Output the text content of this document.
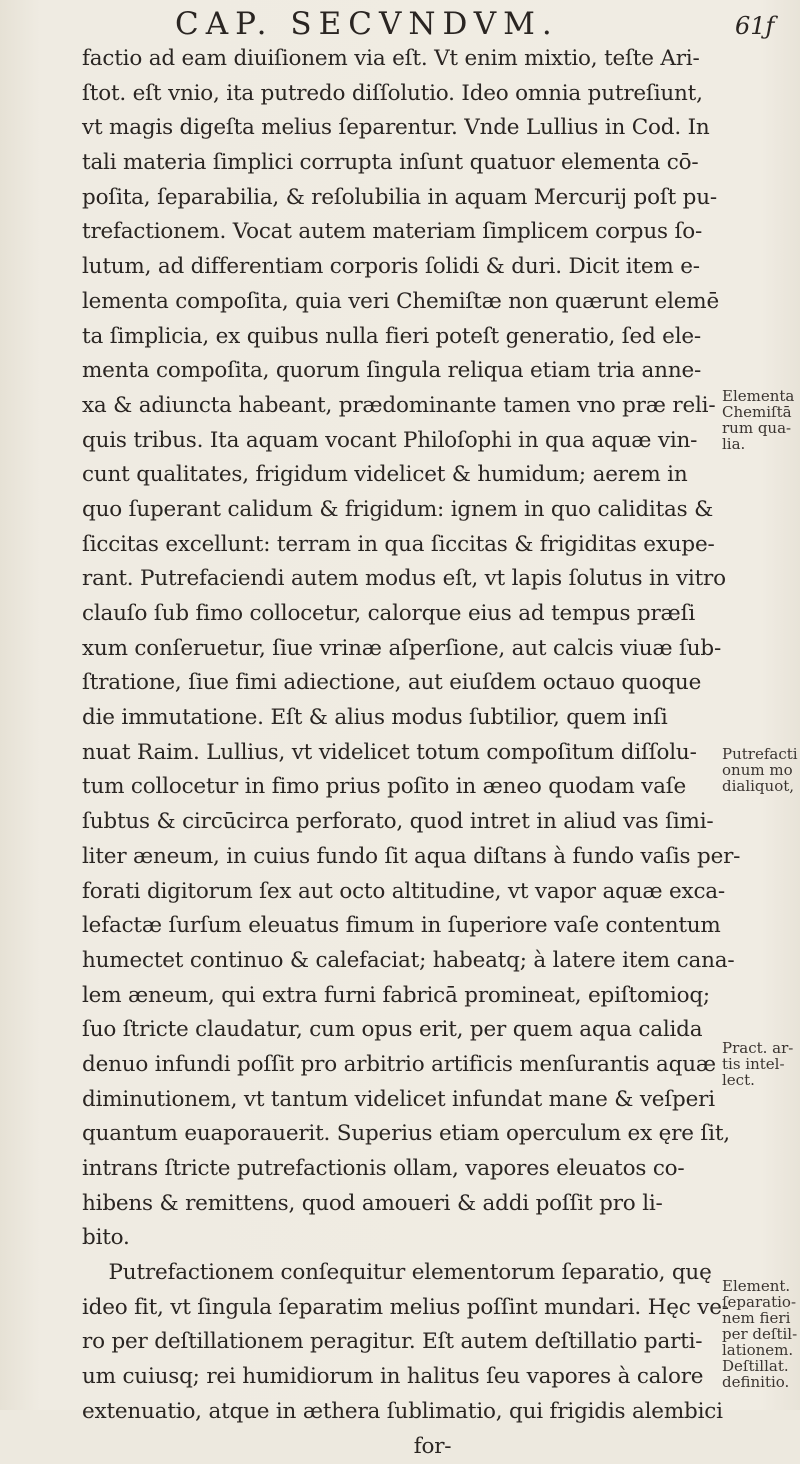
CAP. SECVNDVM.	61ƒ
factio ad eam diuiſionem via eſt. Vt enim mixtio, teſte Ari-
ſtot. eſt vnio, ita putredo diſſolutio. Ideo omnia putreſiunt,
vt magis digeſta melius ſeparentur. Vnde Lullius in Cod. In
tali materia ſimplici corrupta inſunt quatuor elementa cō-
poſita, ſeparabilia, & reſolubilia in aquam Mercurij poſt pu-
trefactionem. Vocat autem materiam ſimplicem corpus ſo-
lutum, ad differentiam corporis ſolidi & duri. Dicit item e-
lementa compoſita, quia veri Chemiſtæ non quærunt elemē
ta ſimplicia, ex quibus nulla fieri poteſt generatio, ſed ele-
menta compoſita, quorum ſingula reliqua etiam tria anne-
xa & adiuncta habeant, prædominante tamen vno præ reli-
quis tribus. Ita aquam vocant Philoſophi in qua aquæ vin-
cunt qualitates, frigidum videlicet & humidum; aerem in
quo ſuperant calidum & frigidum: ignem in quo caliditas &
ſiccitas excellunt: terram in qua ſiccitas & frigiditas exupe-
rant. Putrefaciendi autem modus eſt, vt lapis ſolutus in vitro
clauſo ſub fimo collocetur, calorque eius ad tempus præſi
xum conſeruetur, ſiue vrinæ aſperſione, aut calcis viuæ ſub-
ſtratione, ſiue fimi adiectione, aut eiuſdem octauo quoque
die immutatione. Eſt & alius modus ſubtilior, quem inſi
nuat Raim. Lullius, vt videlicet totum compoſitum diſſolu-
tum collocetur in fimo prius poſito in æneo quodam vaſe
ſubtus & circūcirca perforato, quod intret in aliud vas ſimi-
liter æneum, in cuius fundo ſit aqua diſtans à fundo vaſis per-
forati digitorum ſex aut octo altitudine, vt vapor aquæ exca-
lefactæ ſurſum eleuatus fimum in ſuperiore vaſe contentum
humectet continuo & calefaciat; habeatq; à latere item cana-
lem æneum, qui extra furni fabricā promineat, epiſtomioq;
ſuo ſtricte claudatur, cum opus erit, per quem aqua calida
denuo infundi poſſit pro arbitrio artificis menſurantis aquæ
diminutionem, vt tantum videlicet infundat mane & veſperi
quantum euaporauerit. Superius etiam operculum ex ęre ſit,
intrans ſtricte putrefactionis ollam, vapores eleuatos co-
hibens & remittens, quod amoueri & addi poſſit pro li-
bito.
Putrefactionem conſequitur elementorum ſeparatio, quę
ideo fit, vt ſingula ſeparatim melius poſſint mundari. Hęc ve-
ro per deſtillationem peragitur. Eſt autem deſtillatio parti-
um cuiusq; rei humidiorum in halitus ſeu vapores à calore
extenuatio, atque in æthera ſublimatio, qui frigidis alembici
for-
Elementa
Chemiſtā
rum qua-
lia.
Putrefacti
onum mo
dialiquot,
Pract. ar-
tis intel-
lect.
Element.
ſeparatio-
nem fieri
per deſtil-
lationem.
Deſtillat.
definitio.
